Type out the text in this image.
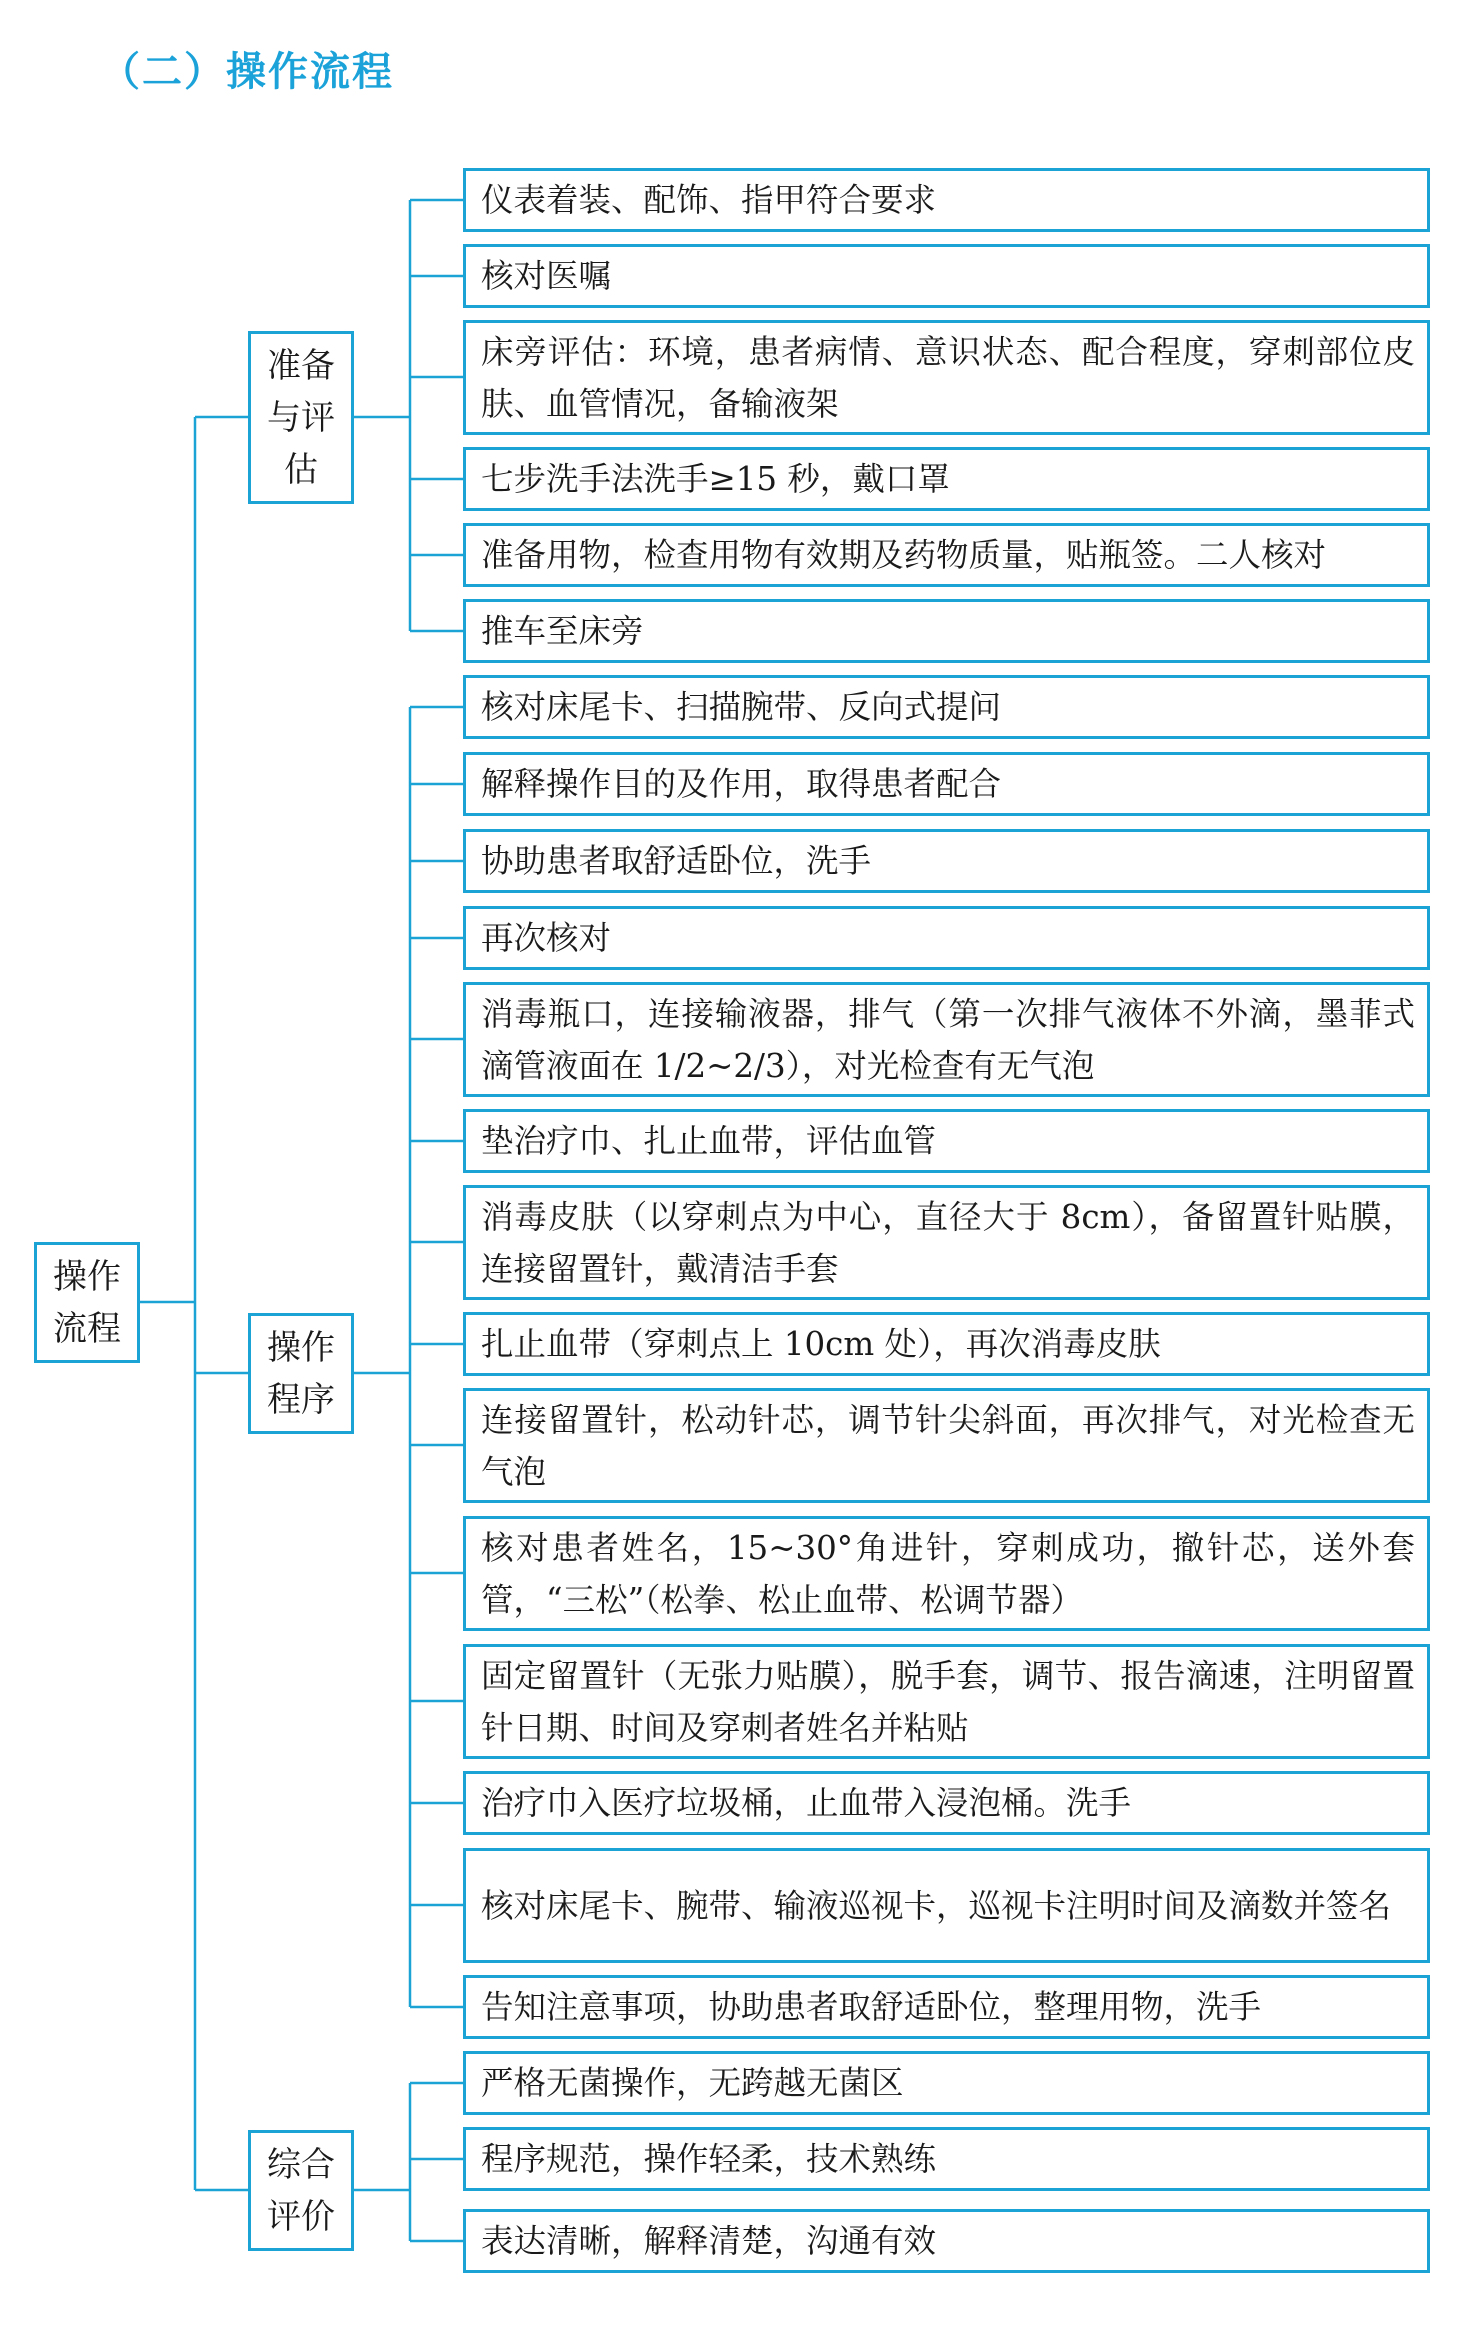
（二）操作流程
操作流程
准备与评估
操作程序
综合评价
仪表着装、配饰、指甲符合要求
核对医嘱
床旁评估：环境，患者病情、意识状态、配合程度，穿刺部位皮肤、血管情况，备输液架
七步洗手法洗手≥15 秒，戴口罩
准备用物，检查用物有效期及药物质量，贴瓶签。二人核对
推车至床旁
核对床尾卡、扫描腕带、反向式提问
解释操作目的及作用，取得患者配合
协助患者取舒适卧位，洗手
再次核对
消毒瓶口，连接输液器，排气（第一次排气液体不外滴，墨菲式滴管液面在 1/2~2/3），对光检查有无气泡
垫治疗巾、扎止血带，评估血管
消毒皮肤（以穿刺点为中心，直径大于 8cm），备留置针贴膜，连接留置针，戴清洁手套
扎止血带（穿刺点上 10cm 处），再次消毒皮肤
连接留置针，松动针芯，调节针尖斜面，再次排气，对光检查无气泡
核对患者姓名，15~30°角进针，穿刺成功，撤针芯，送外套管，“三松”（松拳、松止血带、松调节器）
固定留置针（无张力贴膜），脱手套，调节、报告滴速，注明留置针日期、时间及穿刺者姓名并粘贴
治疗巾入医疗垃圾桶，止血带入浸泡桶。洗手
核对床尾卡、腕带、输液巡视卡，巡视卡注明时间及滴数并签名
告知注意事项，协助患者取舒适卧位，整理用物，洗手
严格无菌操作，无跨越无菌区
程序规范，操作轻柔，技术熟练
表达清晰，解释清楚，沟通有效
